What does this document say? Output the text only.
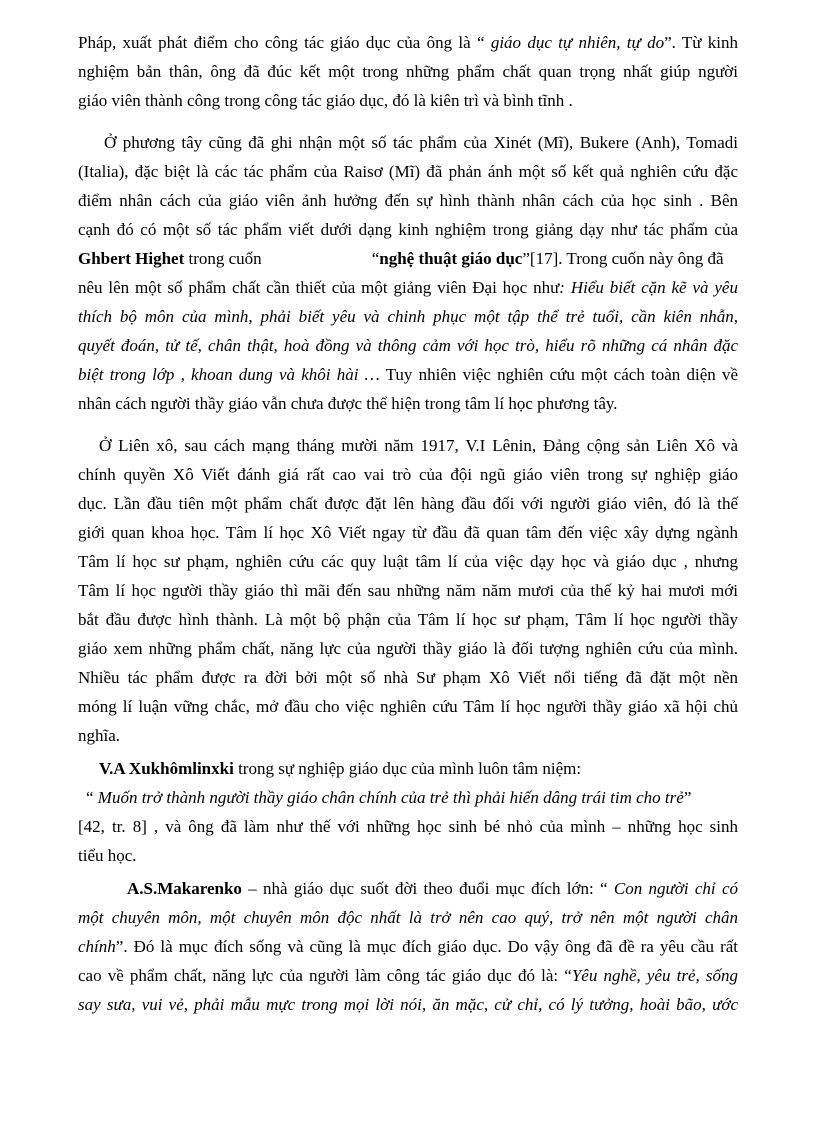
Pháp, xuất phát điểm cho công tác giáo dục của ông là “ giáo dục tự nhiên, tự do”. Từ kinh
nghiệm bản thân, ông đã đúc kết một trong những phẩm chất quan trọng nhất giúp người
giáo viên thành công trong công tác giáo dục, đó là kiên trì và bình tĩnh .
Ở phương tây cũng đã ghi nhận một số tác phẩm của Xinét (Mĩ), Bukere (Anh), Tomadi
(Italia), đặc biệt là các tác phẩm của Raisơ (Mĩ) đã phản ánh một số kết quả nghiên cứu đặc
điểm nhân cách của giáo viên ảnh hưởng đến sự hình thành nhân cách của học sinh . Bên
cạnh đó có một số tác phẩm viết dưới dạng kinh nghiệm trong giảng dạy như tác phẩm của
Ghbert Highet trong cuốn	“nghệ thuật giáo dục”[17]. Trong cuốn này ông đã
nêu lên một số phẩm chất cần thiết của một giảng viên Đại học như: Hiểu biết cặn kẽ và yêu
thích bộ môn của mình, phải biết yêu và chinh phục một tập thể trẻ tuổi, cần kiên nhẫn,
quyết đoán, tử tế, chân thật, hoà đồng và thông cảm với học trò, hiểu rõ những cá nhân đặc
biệt trong lớp , khoan dung và khôi hài … Tuy nhiên việc nghiên cứu một cách toàn diện về
nhân cách người thầy giáo vẫn chưa được thể hiện trong tâm lí học phương tây.
Ở Liên xô, sau cách mạng tháng mười năm 1917, V.I Lênin, Đảng cộng sản Liên Xô và
chính quyền Xô Viết đánh giá rất cao vai trò của đội ngũ giáo viên trong sự nghiệp giáo
dục. Lần đầu tiên một phẩm chất được đặt lên hàng đầu đối với người giáo viên, đó là thế
giới quan khoa học. Tâm lí học Xô Viết ngay từ đầu đã quan tâm đến việc xây dựng ngành
Tâm lí học sư phạm, nghiên cứu các quy luật tâm lí của việc dạy học và giáo dục , nhưng
Tâm lí học người thầy giáo thì mãi đến sau những năm năm mươi của thế kỷ hai mươi mới
bắt đầu được hình thành. Là một bộ phận của Tâm lí học sư phạm, Tâm lí học người thầy
giáo xem những phẩm chất, năng lực của người thầy giáo là đối tượng nghiên cứu của mình.
Nhiều tác phẩm được ra đời bởi một số nhà Sư phạm Xô Viết nổi tiếng đã đặt một nền
móng lí luận vững chắc, mở đầu cho việc nghiên cứu Tâm lí học người thầy giáo xã hội chủ
nghĩa.
V.A Xukhômlinxki trong sự nghiệp giáo dục của mình luôn tâm niệm:
“ Muốn trở thành người thầy giáo chân chính của trẻ thì phải hiến dâng trái tim cho trẻ”
[42, tr. 8] , và ông đã làm như thế với những học sinh bé nhỏ của mình – những học sinh
tiểu học.
A.S.Makarenko – nhà giáo dục suốt đời theo đuổi mục đích lớn: “ Con người chỉ có
một chuyên môn, một chuyên môn độc nhất là trở nên cao quý, trở nên một người chân
chính”. Đó là mục đích sống và cũng là mục đích giáo dục. Do vậy ông đã đề ra yêu cầu rất
cao về phẩm chất, năng lực của người làm công tác giáo dục đó là: “Yêu nghề, yêu trẻ, sống
say sưa, vui vẻ, phải mẫu mực trong mọi lời nói, ăn mặc, cử chỉ, có lý tưởng, hoài bão, ước
